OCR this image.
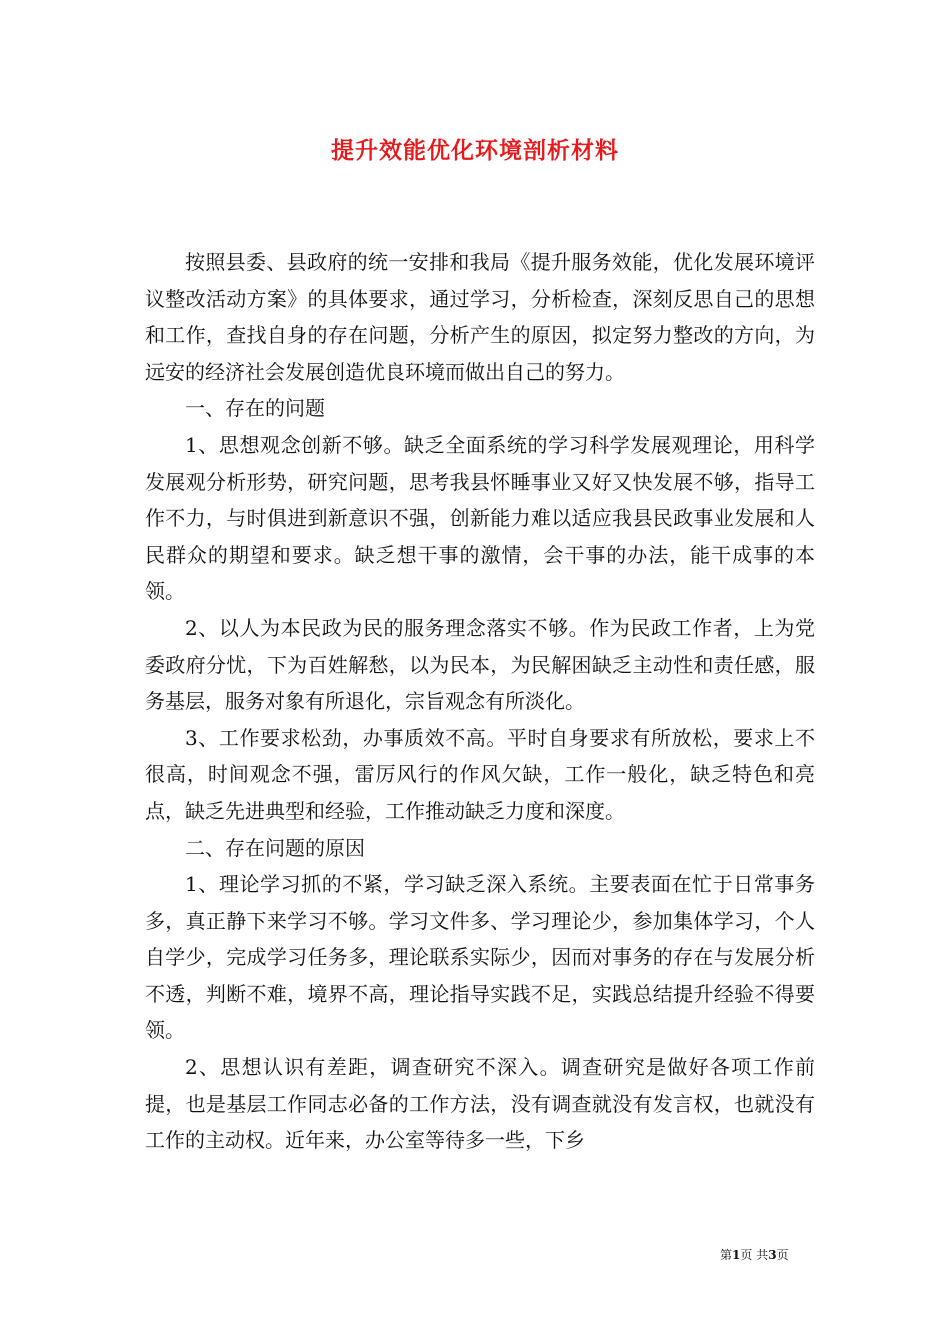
提升效能优化环境剖析材料

按照县委、县政府的统一安排和我局《提升服务效能，优化发展环境评议整改活动方案》的具体要求，通过学习，分析检查，深刻反思自己的思想和工作，查找自身的存在问题，分析产生的原因，拟定努力整改的方向，为远安的经济社会发展创造优良环境而做出自己的努力。

一、存在的问题

1、思想观念创新不够。缺乏全面系统的学习科学发展观理论，用科学发展观分析形势，研究问题，思考我县怀睡事业又好又快发展不够，指导工作不力，与时俱进到新意识不强，创新能力难以适应我县民政事业发展和人民群众的期望和要求。缺乏想干事的激情，会干事的办法，能干成事的本领。

2、以人为本民政为民的服务理念落实不够。作为民政工作者，上为党委政府分忧，下为百姓解愁，以为民本，为民解困缺乏主动性和责任感，服务基层，服务对象有所退化，宗旨观念有所淡化。

3、工作要求松劲，办事质效不高。平时自身要求有所放松，要求上不很高，时间观念不强，雷厉风行的作风欠缺，工作一般化，缺乏特色和亮点，缺乏先进典型和经验，工作推动缺乏力度和深度。

二、存在问题的原因

1、理论学习抓的不紧，学习缺乏深入系统。主要表面在忙于日常事务多，真正静下来学习不够。学习文件多、学习理论少，参加集体学习，个人自学少，完成学习任务多，理论联系实际少，因而对事务的存在与发展分析不透，判断不难，境界不高，理论指导实践不足，实践总结提升经验不得要领。

2、思想认识有差距，调查研究不深入。调查研究是做好各项工作前提，也是基层工作同志必备的工作方法，没有调查就没有发言权，也就没有工作的主动权。近年来，办公室等待多一些，下乡

第1页 共3页
